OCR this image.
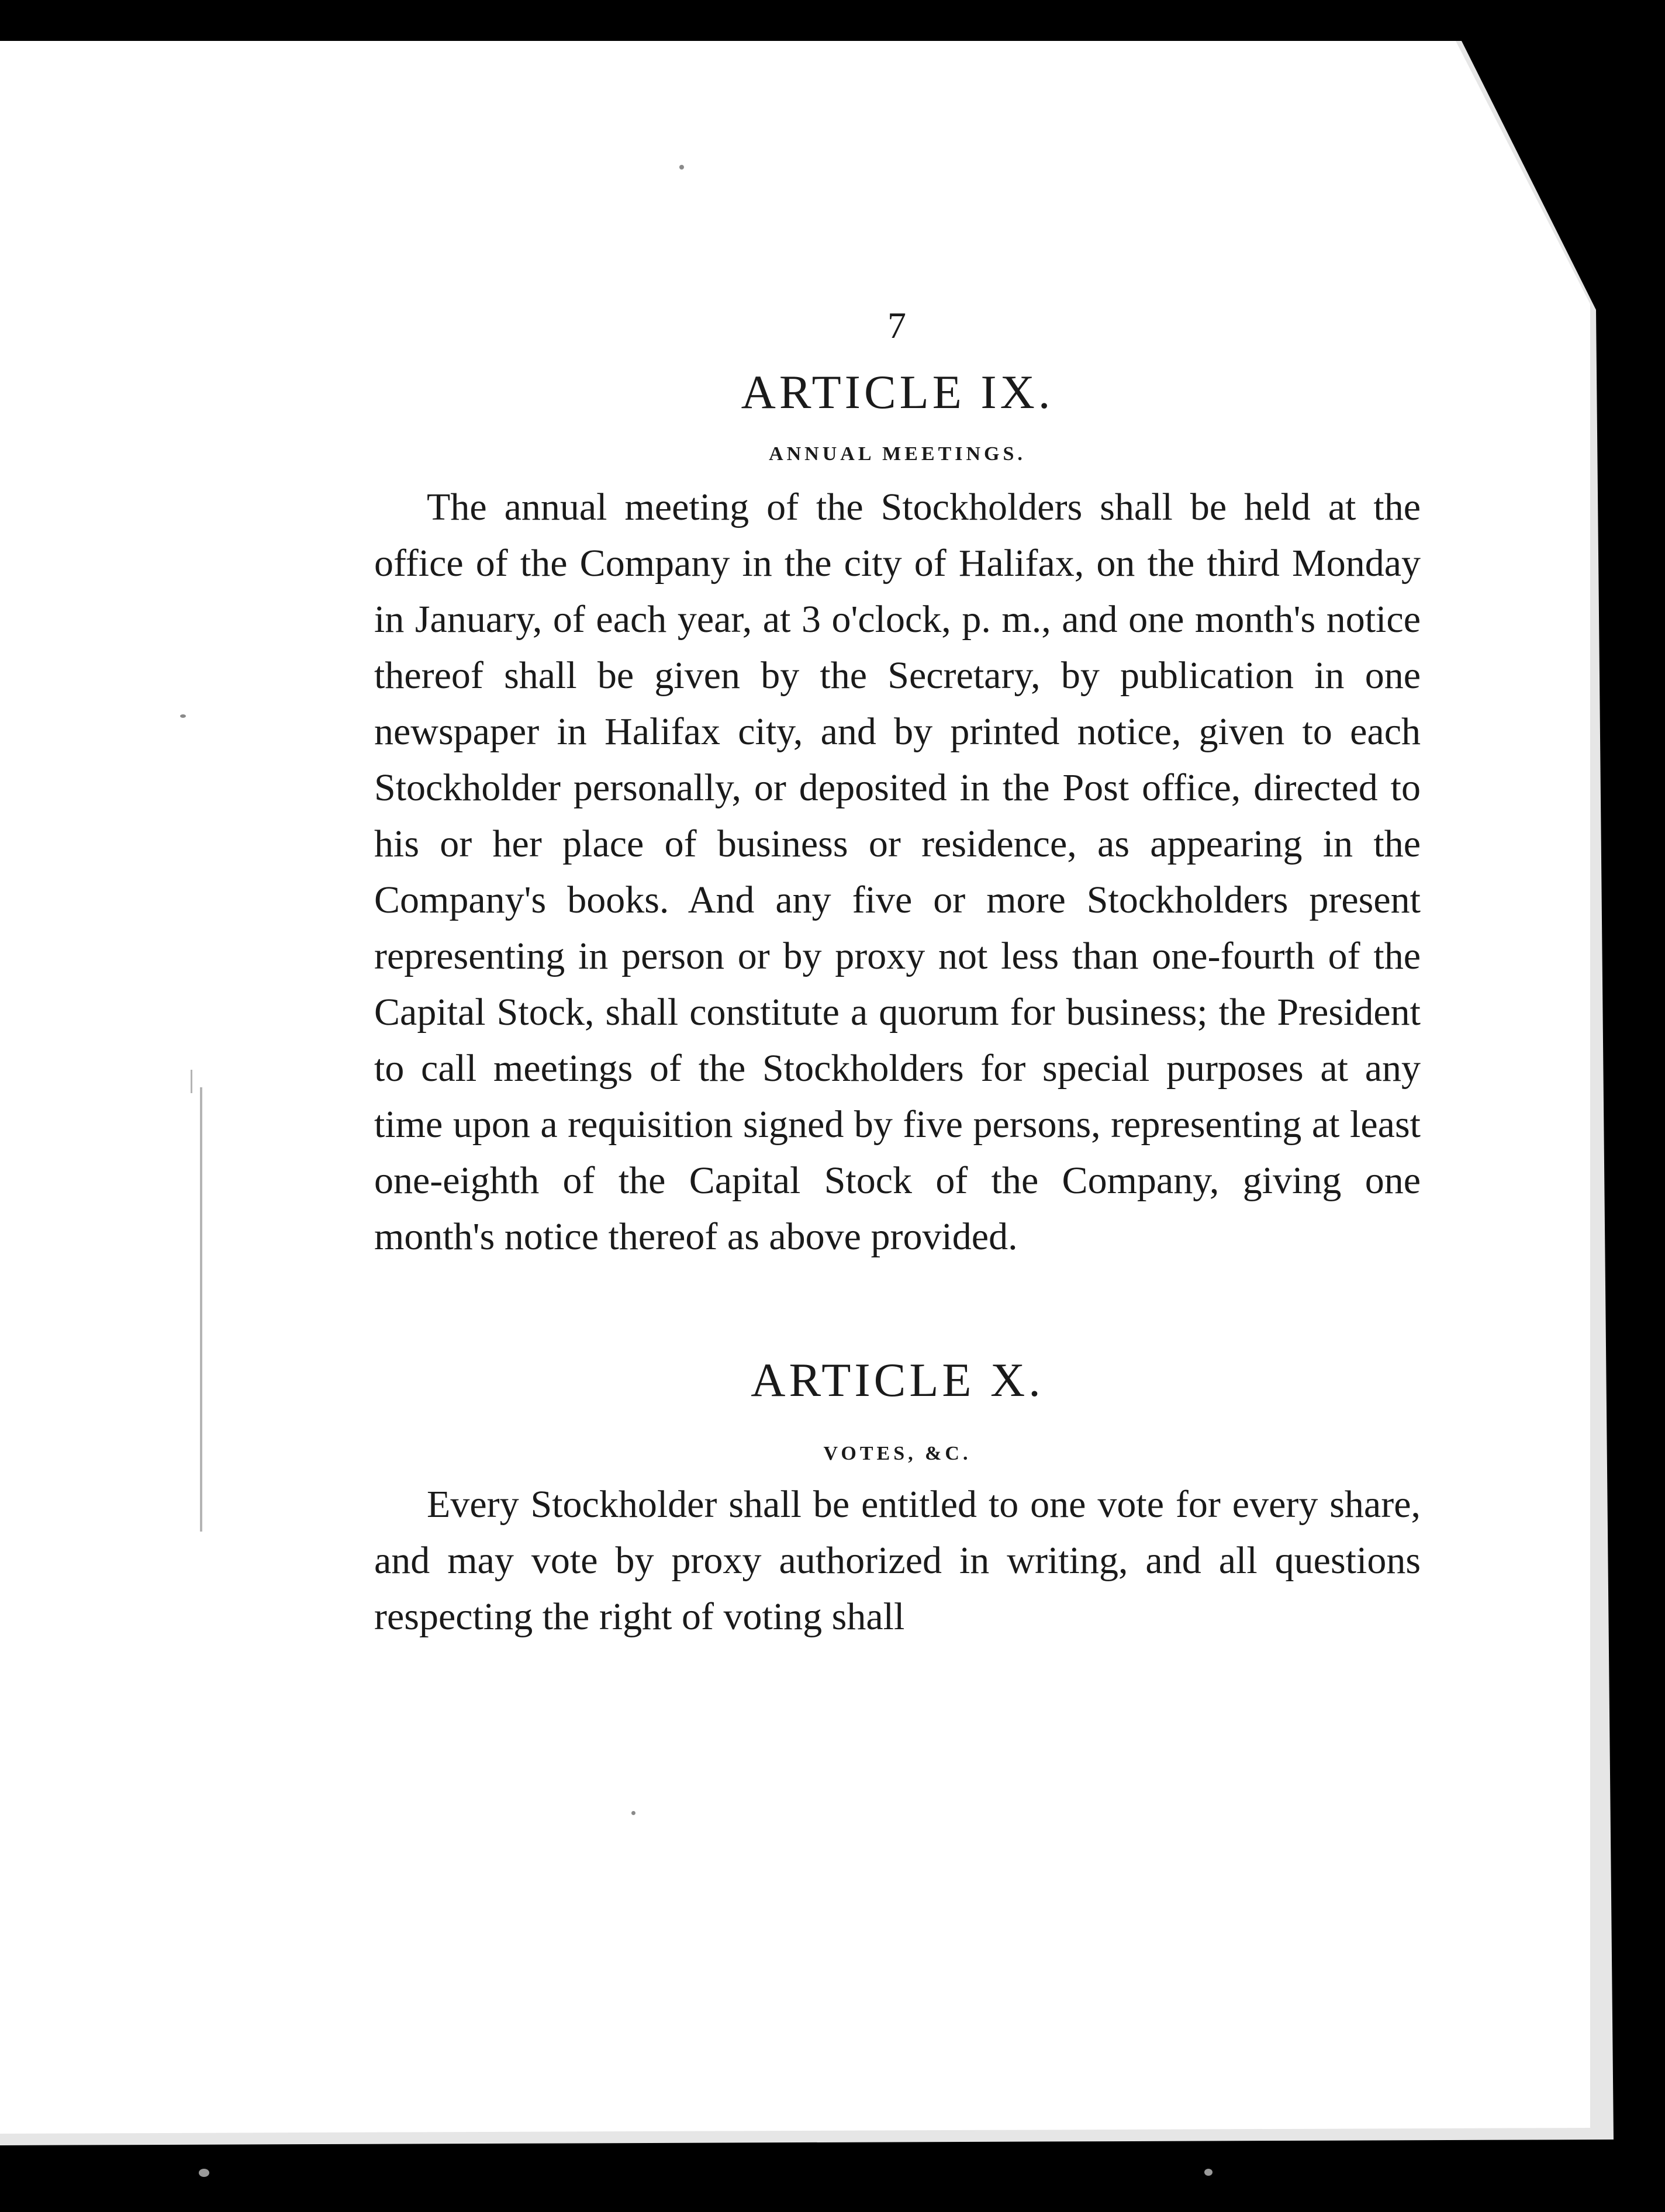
7
ARTICLE IX.
ANNUAL MEETINGS.

The annual meeting of the Stockholders shall be held at the office of the Company in the city of Halifax, on the third Monday in January, of each year, at 3 o'clock, p. m., and one month's notice thereof shall be given by the Secretary, by publication in one newspaper in Halifax city, and by printed notice, given to each Stockholder personally, or deposited in the Post office, directed to his or her place of business or residence, as appearing in the Company's books. And any five or more Stockholders present representing in person or by proxy not less than one-fourth of the Capital Stock, shall constitute a quorum for business; the President to call meetings of the Stockholders for special purposes at any time upon a requisition signed by five persons, representing at least one-eighth of the Capital Stock of the Company, giving one month's notice thereof as above provided.

ARTICLE X.
VOTES, &C.

Every Stockholder shall be entitled to one vote for every share, and may vote by proxy authorized in writing, and all questions respecting the right of voting shall
